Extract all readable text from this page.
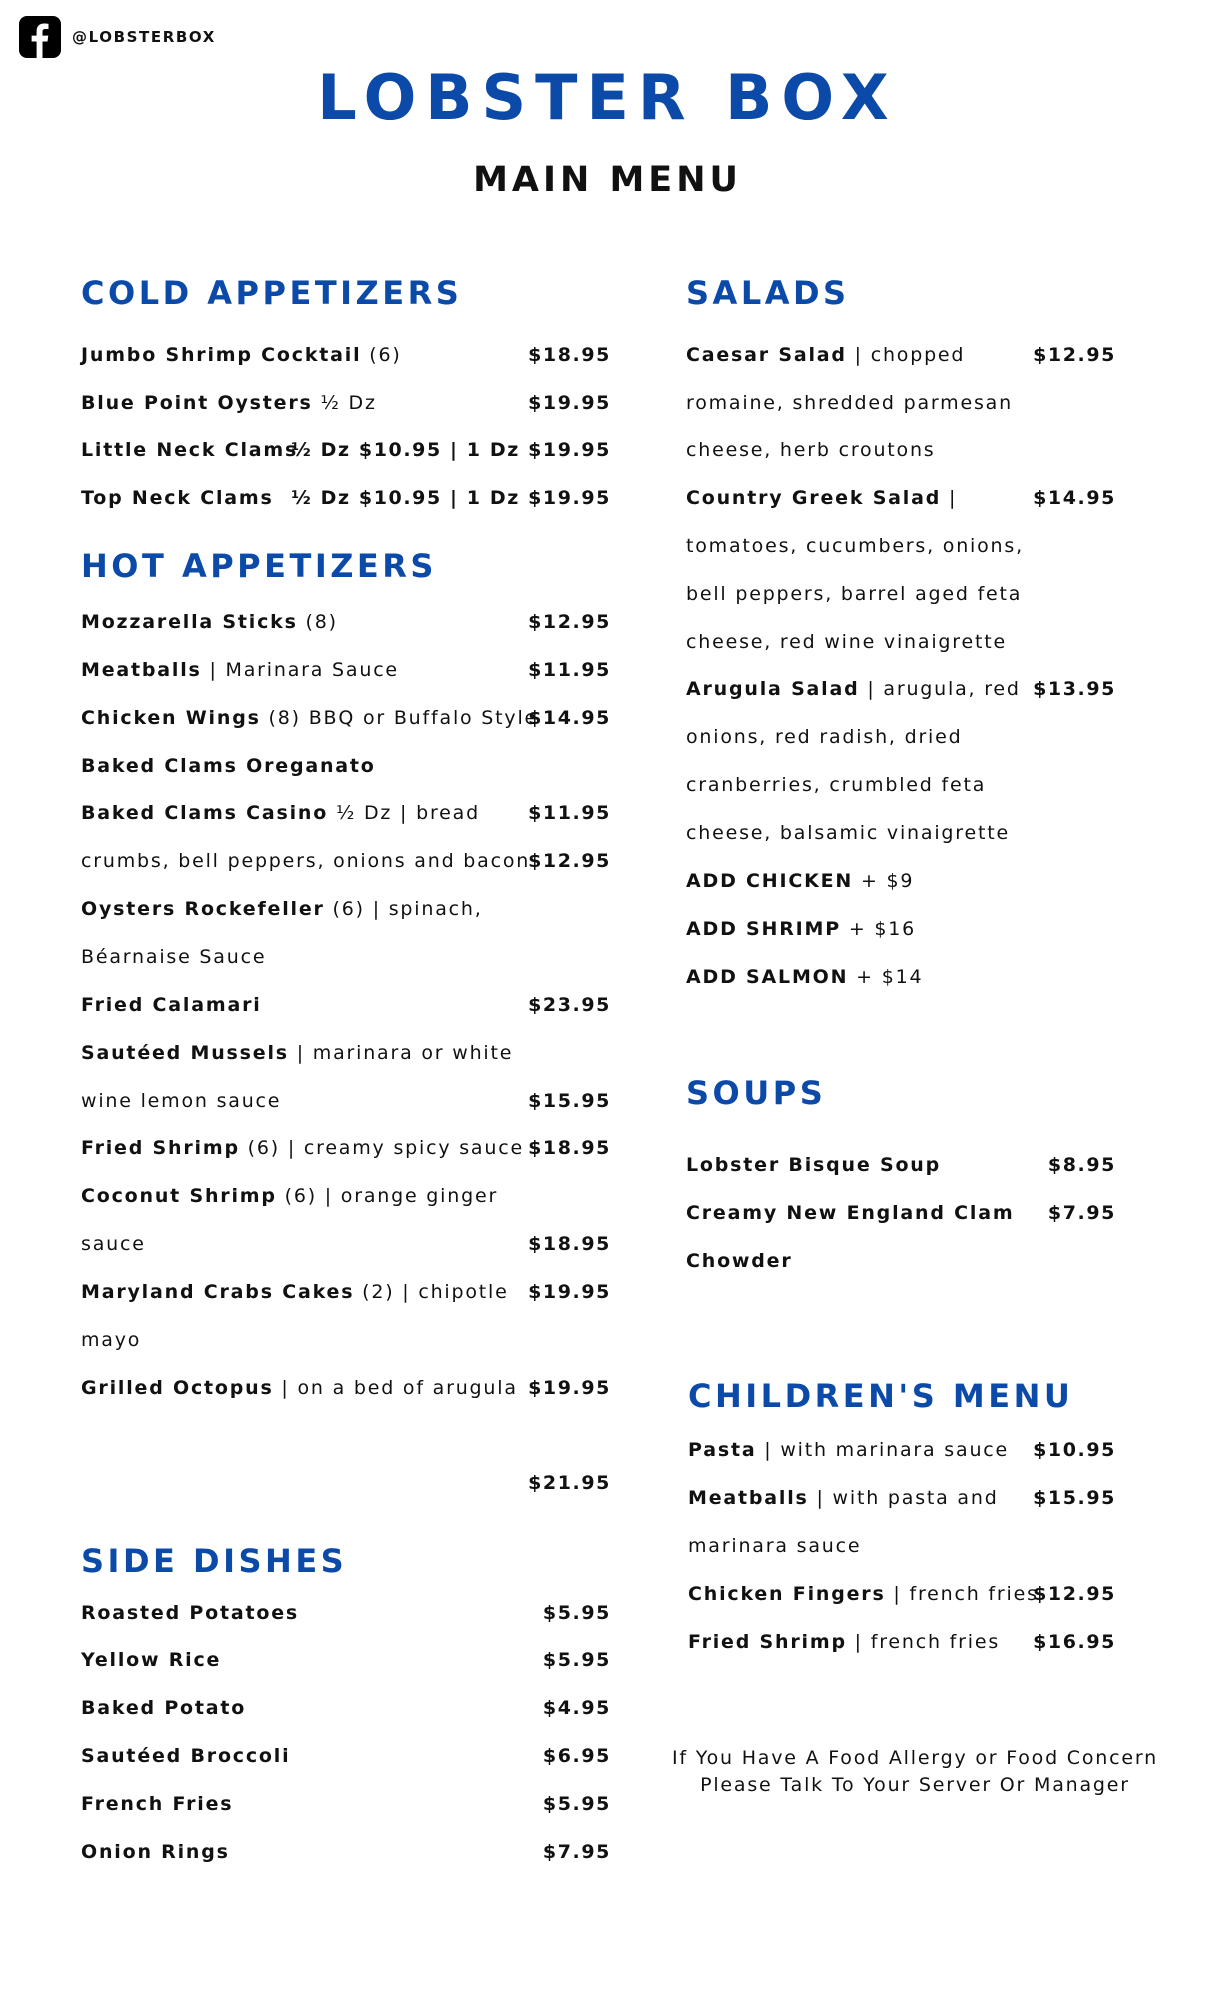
@LOBSTERBOX
LOBSTER BOX
MAIN MENU
COLD APPETIZERS
Jumbo Shrimp Cocktail (6)
Blue Point Oysters ½ Dz
Little Neck Clams
Top Neck Clams
$18.95
$19.95
½ Dz $10.95 | 1 Dz $19.95
½ Dz $10.95 | 1 Dz $19.95
HOT APPETIZERS
Mozzarella Sticks (8)
Meatballs | Marinara Sauce
Chicken Wings (8) BBQ or Buffalo Style
Baked Clams Oreganato
Baked Clams Casino ½ Dz | bread
crumbs, bell peppers, onions and bacon
Oysters Rockefeller (6) | spinach,
Béarnaise Sauce
Fried Calamari
Sautéed Mussels | marinara or white
wine lemon sauce
Fried Shrimp (6) | creamy spicy sauce
Coconut Shrimp (6) | orange ginger
sauce
Maryland Crabs Cakes (2) | chipotle
mayo
Grilled Octopus | on a bed of arugula
$12.95
$11.95
$14.95
$11.95
$12.95
$23.95
$15.95
$18.95
$18.95
$19.95
$19.95
$21.95
SIDE DISHES
Roasted Potatoes
Yellow Rice
Baked Potato
Sautéed Broccoli
French Fries
Onion Rings
$5.95
$5.95
$4.95
$6.95
$5.95
$7.95
SALADS
Caesar Salad | chopped
romaine, shredded parmesan
cheese, herb croutons
Country Greek Salad |
tomatoes, cucumbers, onions,
bell peppers, barrel aged feta
cheese, red wine vinaigrette
Arugula Salad | arugula, red
onions, red radish, dried
cranberries, crumbled feta
cheese, balsamic vinaigrette
ADD CHICKEN + $9
ADD SHRIMP + $16
ADD SALMON + $14
$12.95
$14.95
$13.95
SOUPS
Lobster Bisque Soup
Creamy New England Clam
Chowder
$8.95
$7.95
CHILDREN'S MENU
Pasta | with marinara sauce
Meatballs | with pasta and
marinara sauce
Chicken Fingers | french fries
Fried Shrimp | french fries
$10.95
$15.95
$12.95
$16.95
If You Have A Food Allergy or Food Concern
Please Talk To Your Server Or Manager
